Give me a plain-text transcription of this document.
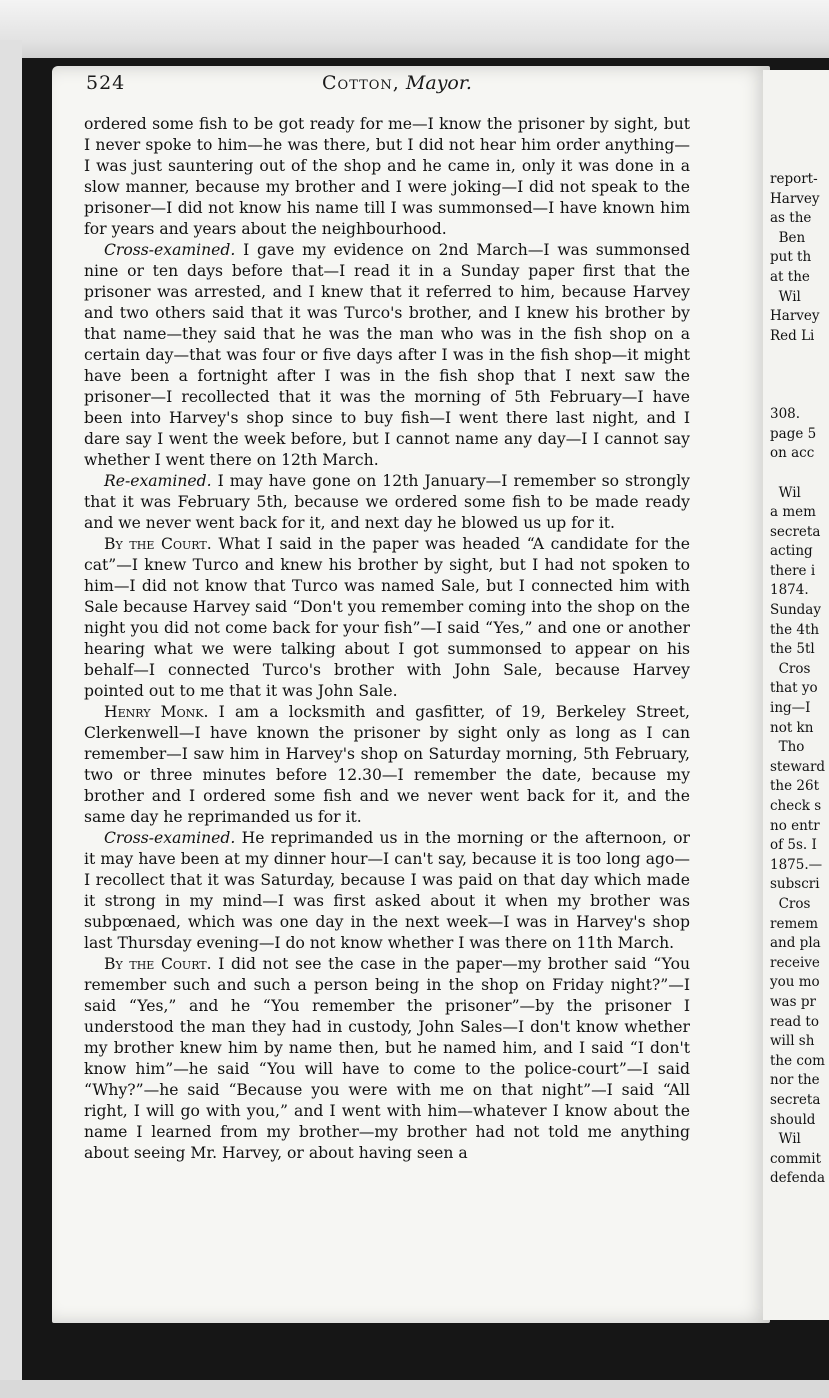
report-
Harvey
as the
Ben
put th
at the
Wil
Harvey
Red Li

308.
page 5
on acc

Wil
a mem
secreta
acting
there i
1874.
Sunday
the 4th
the 5tl
Cros
that yo
ing—I
not kn
Tho
steward
the 26t
check s
no entr
of 5s. I
1875.—
subscri
Cros
remem
and pla
receive
you mo
was pr
read to
will sh
the com
nor the
secreta
should
Wil
commit
defenda
524	Cotton, Mayor.

ordered some fish to be got ready for me—I know the prisoner by sight, but I never spoke to him—he was there, but I did not hear him order anything—I was just sauntering out of the shop and he came in, only it was done in a slow manner, because my brother and I were joking—I did not speak to the prisoner—I did not know his name till I was summonsed—I have known him for years and years about the neighbourhood.

Cross-examined. I gave my evidence on 2nd March—I was summonsed nine or ten days before that—I read it in a Sunday paper first that the prisoner was arrested, and I knew that it referred to him, because Harvey and two others said that it was Turco's brother, and I knew his brother by that name—they said that he was the man who was in the fish shop on a certain day—that was four or five days after I was in the fish shop—it might have been a fortnight after I was in the fish shop that I next saw the prisoner—I recollected that it was the morning of 5th February—I have been into Harvey's shop since to buy fish—I went there last night, and I dare say I went the week before, but I cannot name any day—I I cannot say whether I went there on 12th March.

Re-examined. I may have gone on 12th January—I remember so strongly that it was February 5th, because we ordered some fish to be made ready and we never went back for it, and next day he blowed us up for it.

By the Court. What I said in the paper was headed “A candidate for the cat”—I knew Turco and knew his brother by sight, but I had not spoken to him—I did not know that Turco was named Sale, but I connected him with Sale because Harvey said “Don't you remember coming into the shop on the night you did not come back for your fish”—I said “Yes,” and one or another hearing what we were talking about I got summonsed to appear on his behalf—I connected Turco's brother with John Sale, because Harvey pointed out to me that it was John Sale.

Henry Monk. I am a locksmith and gasfitter, of 19, Berkeley Street, Clerkenwell—I have known the prisoner by sight only as long as I can remember—I saw him in Harvey's shop on Saturday morning, 5th February, two or three minutes before 12.30—I remember the date, because my brother and I ordered some fish and we never went back for it, and the same day he reprimanded us for it.

Cross-examined. He reprimanded us in the morning or the afternoon, or it may have been at my dinner hour—I can't say, because it is too long ago—I recollect that it was Saturday, because I was paid on that day which made it strong in my mind—I was first asked about it when my brother was subpœnaed, which was one day in the next week—I was in Harvey's shop last Thursday evening—I do not know whether I was there on 11th March.

By the Court. I did not see the case in the paper—my brother said “You remember such and such a person being in the shop on Friday night?”—I said “Yes,” and he “You remember the prisoner”—by the prisoner I understood the man they had in custody, John Sales—I don't know whether my brother knew him by name then, but he named him, and I said “I don't know him”—he said “You will have to come to the police-court”—I said “Why?”—he said “Because you were with me on that night”—I said “All right, I will go with you,” and I went with him—whatever I know about the name I learned from my brother—my brother had not told me anything about seeing Mr. Harvey, or about having seen a
